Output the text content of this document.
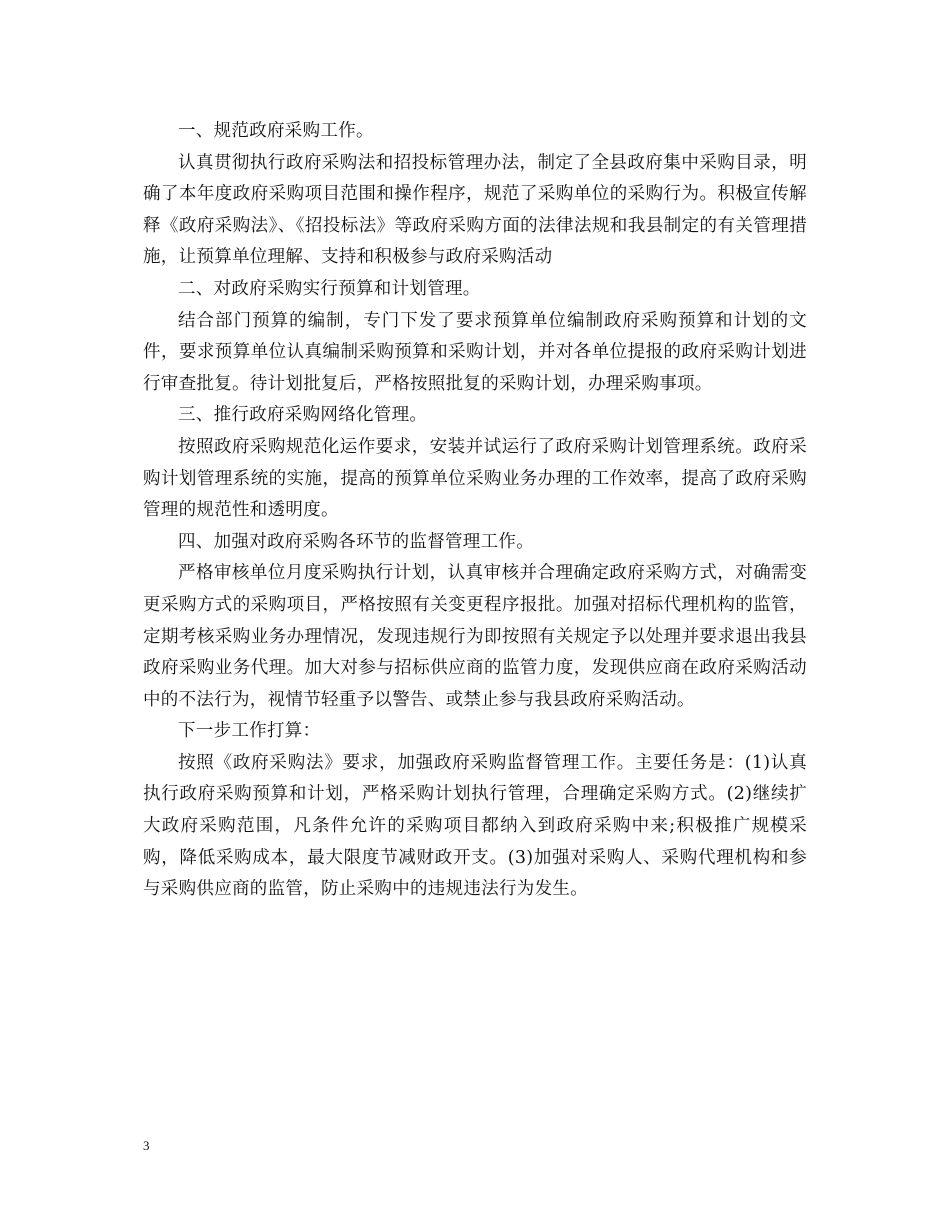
一、规范政府采购工作。

认真贯彻执行政府采购法和招投标管理办法，制定了全县政府集中采购目录，明确了本年度政府采购项目范围和操作程序，规范了采购单位的采购行为。积极宣传解释《政府采购法》、《招投标法》等政府采购方面的法律法规和我县制定的有关管理措施，让预算单位理解、支持和积极参与政府采购活动

二、对政府采购实行预算和计划管理。

结合部门预算的编制，专门下发了要求预算单位编制政府采购预算和计划的文件，要求预算单位认真编制采购预算和采购计划，并对各单位提报的政府采购计划进行审查批复。待计划批复后，严格按照批复的采购计划，办理采购事项。

三、推行政府采购网络化管理。

按照政府采购规范化运作要求，安装并试运行了政府采购计划管理系统。政府采购计划管理系统的实施，提高的预算单位采购业务办理的工作效率，提高了政府采购管理的规范性和透明度。

四、加强对政府采购各环节的监督管理工作。

严格审核单位月度采购执行计划，认真审核并合理确定政府采购方式，对确需变更采购方式的采购项目，严格按照有关变更程序报批。加强对招标代理机构的监管，定期考核采购业务办理情况，发现违规行为即按照有关规定予以处理并要求退出我县政府采购业务代理。加大对参与招标供应商的监管力度，发现供应商在政府采购活动中的不法行为，视情节轻重予以警告、或禁止参与我县政府采购活动。

下一步工作打算：

按照《政府采购法》要求，加强政府采购监督管理工作。主要任务是：(1)认真执行政府采购预算和计划，严格采购计划执行管理，合理确定采购方式。(2)继续扩大政府采购范围，凡条件允许的采购项目都纳入到政府采购中来;积极推广规模采购，降低采购成本，最大限度节减财政开支。(3)加强对采购人、采购代理机构和参与采购供应商的监管，防止采购中的违规违法行为发生。

3
